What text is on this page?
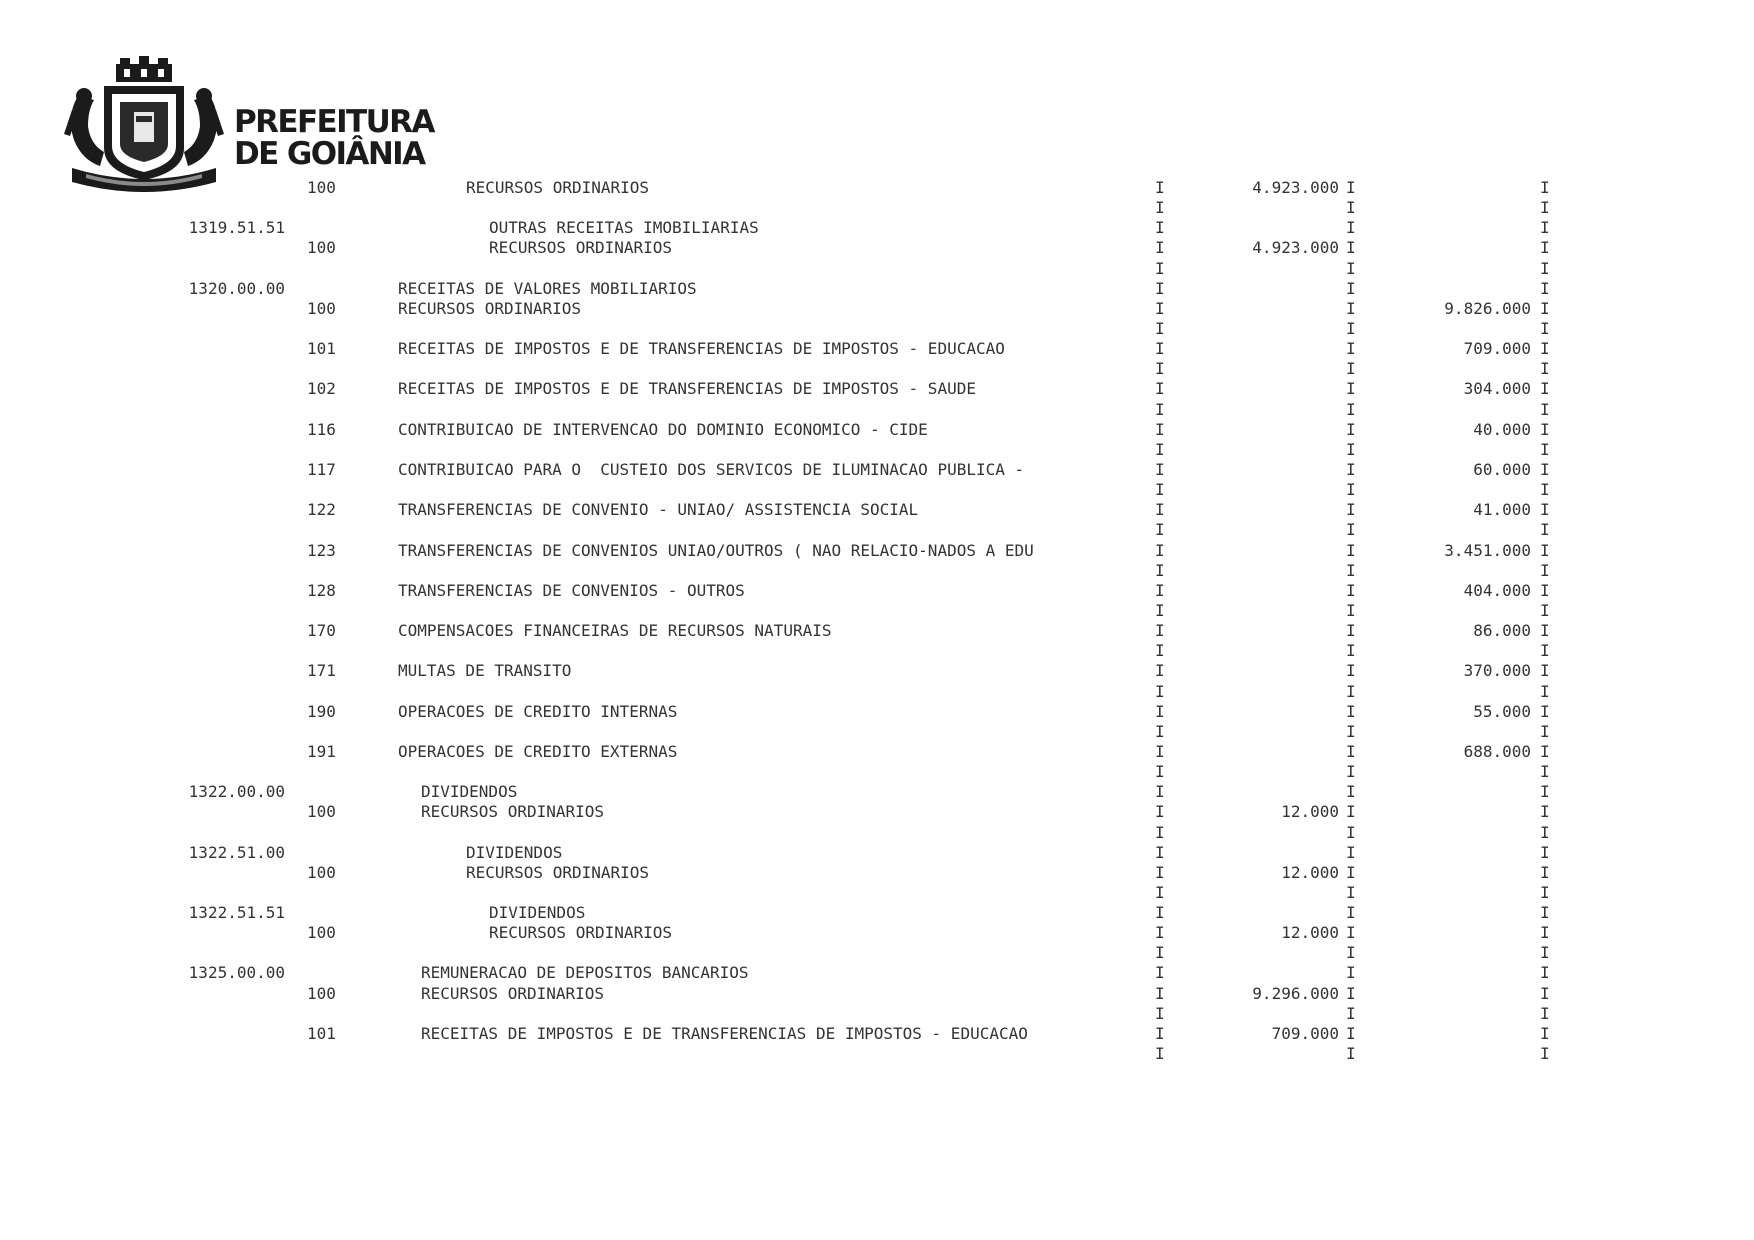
PREFEITURA
DE GOIÂNIA
100	RECURSOS ORDINARIOS	I	4.923.000 I	I
I	I	I
1319.51.51	OUTRAS RECEITAS IMOBILIARIAS	I	I	I
100	RECURSOS ORDINARIOS	I	4.923.000 I	I
I	I	I
1320.00.00	RECEITAS DE VALORES MOBILIARIOS	I	I	I
100	RECURSOS ORDINARIOS	I	I	9.826.000 I
I	I	I
101	RECEITAS DE IMPOSTOS E DE TRANSFERENCIAS DE IMPOSTOS - EDUCACAO	I	I	709.000 I
I	I	I
102	RECEITAS DE IMPOSTOS E DE TRANSFERENCIAS DE IMPOSTOS - SAUDE	I	I	304.000 I
I	I	I
116	CONTRIBUICAO DE INTERVENCAO DO DOMINIO ECONOMICO - CIDE	I	I	40.000 I
I	I	I
117	CONTRIBUICAO PARA O  CUSTEIO DOS SERVICOS DE ILUMINACAO PUBLICA -	I	I	60.000 I
I	I	I
122	TRANSFERENCIAS DE CONVENIO - UNIAO/ ASSISTENCIA SOCIAL	I	I	41.000 I
I	I	I
123	TRANSFERENCIAS DE CONVENIOS UNIAO/OUTROS ( NAO RELACIO-NADOS A EDU	I	I	3.451.000 I
I	I	I
128	TRANSFERENCIAS DE CONVENIOS - OUTROS	I	I	404.000 I
I	I	I
170	COMPENSACOES FINANCEIRAS DE RECURSOS NATURAIS	I	I	86.000 I
I	I	I
171	MULTAS DE TRANSITO	I	I	370.000 I
I	I	I
190	OPERACOES DE CREDITO INTERNAS	I	I	55.000 I
I	I	I
191	OPERACOES DE CREDITO EXTERNAS	I	I	688.000 I
I	I	I
1322.00.00	DIVIDENDOS	I	I	I
100	RECURSOS ORDINARIOS	I	12.000 I	I
I	I	I
1322.51.00	DIVIDENDOS	I	I	I
100	RECURSOS ORDINARIOS	I	12.000 I	I
I	I	I
1322.51.51	DIVIDENDOS	I	I	I
100	RECURSOS ORDINARIOS	I	12.000 I	I
I	I	I
1325.00.00	REMUNERACAO DE DEPOSITOS BANCARIOS	I	I	I
100	RECURSOS ORDINARIOS	I	9.296.000 I	I
I	I	I
101	RECEITAS DE IMPOSTOS E DE TRANSFERENCIAS DE IMPOSTOS - EDUCACAO	I	709.000 I	I
I	I	I
